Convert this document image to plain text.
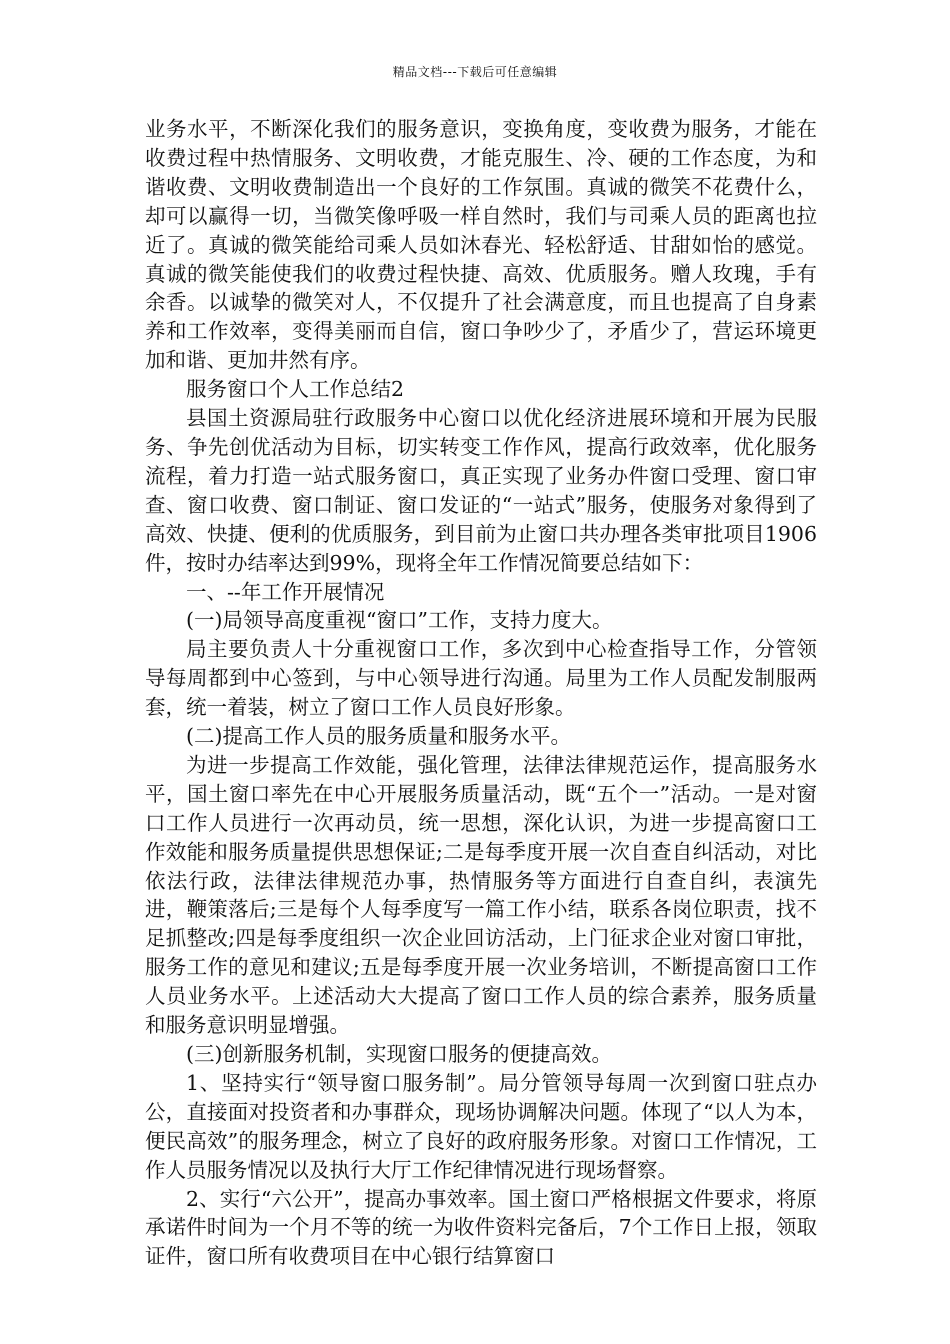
精品文档---下载后可任意编辑

业务水平，不断深化我们的服务意识，变换角度，变收费为服务，才能在收费过程中热情服务、文明收费，才能克服生、冷、硬的工作态度，为和谐收费、文明收费制造出一个良好的工作氛围。真诚的微笑不花费什么，却可以赢得一切，当微笑像呼吸一样自然时，我们与司乘人员的距离也拉近了。真诚的微笑能给司乘人员如沐春光、轻松舒适、甘甜如怡的感觉。真诚的微笑能使我们的收费过程快捷、高效、优质服务。赠人玫瑰，手有余香。以诚挚的微笑对人，不仅提升了社会满意度，而且也提高了自身素养和工作效率，变得美丽而自信，窗口争吵少了，矛盾少了，营运环境更加和谐、更加井然有序。

服务窗口个人工作总结2

县国土资源局驻行政服务中心窗口以优化经济进展环境和开展为民服务、争先创优活动为目标，切实转变工作作风，提高行政效率，优化服务流程，着力打造一站式服务窗口，真正实现了业务办件窗口受理、窗口审查、窗口收费、窗口制证、窗口发证的“一站式”服务，使服务对象得到了高效、快捷、便利的优质服务，到目前为止窗口共办理各类审批项目1906件，按时办结率达到99%，现将全年工作情况简要总结如下：

一、--年工作开展情况

(一)局领导高度重视“窗口”工作，支持力度大。

局主要负责人十分重视窗口工作，多次到中心检查指导工作，分管领导每周都到中心签到，与中心领导进行沟通。局里为工作人员配发制服两套，统一着装，树立了窗口工作人员良好形象。

(二)提高工作人员的服务质量和服务水平。

为进一步提高工作效能，强化管理，法律法律规范运作，提高服务水平，国土窗口率先在中心开展服务质量活动，既“五个一”活动。一是对窗口工作人员进行一次再动员，统一思想，深化认识，为进一步提高窗口工作效能和服务质量提供思想保证;二是每季度开展一次自查自纠活动，对比依法行政，法律法律规范办事，热情服务等方面进行自查自纠，表演先进，鞭策落后;三是每个人每季度写一篇工作小结，联系各岗位职责，找不足抓整改;四是每季度组织一次企业回访活动，上门征求企业对窗口审批，服务工作的意见和建议;五是每季度开展一次业务培训，不断提高窗口工作人员业务水平。上述活动大大提高了窗口工作人员的综合素养，服务质量和服务意识明显增强。

(三)创新服务机制，实现窗口服务的便捷高效。

1、坚持实行“领导窗口服务制”。局分管领导每周一次到窗口驻点办公，直接面对投资者和办事群众，现场协调解决问题。体现了“以人为本，便民高效”的服务理念，树立了良好的政府服务形象。对窗口工作情况，工作人员服务情况以及执行大厅工作纪律情况进行现场督察。

2、实行“六公开”，提高办事效率。国土窗口严格根据文件要求，将原承诺件时间为一个月不等的统一为收件资料完备后，7个工作日上报，领取证件，窗口所有收费项目在中心银行结算窗口
